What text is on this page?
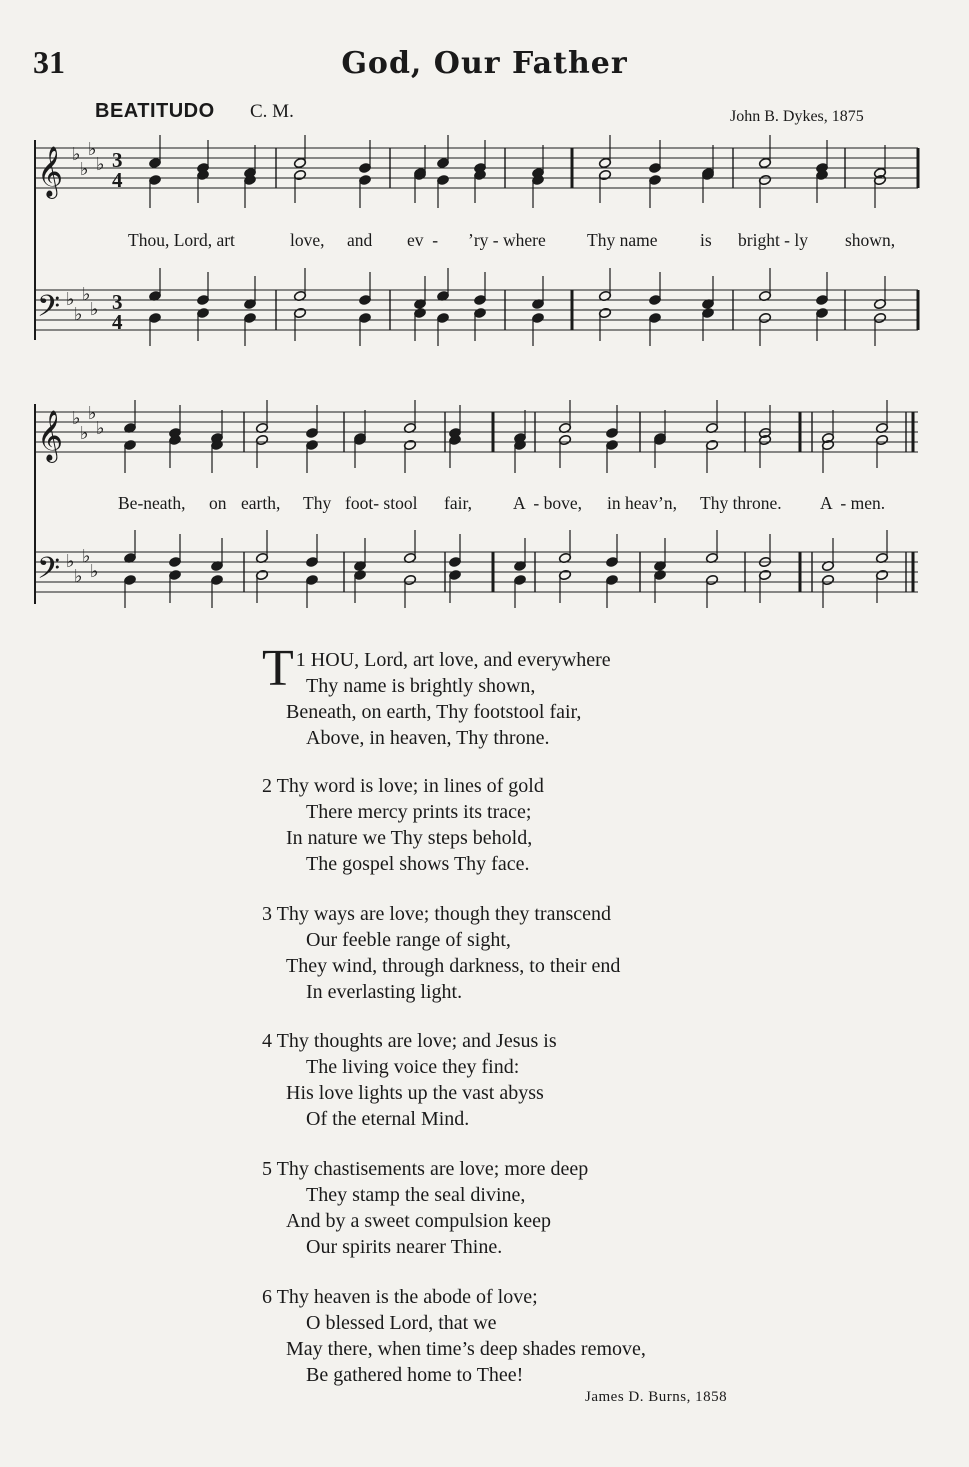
31	God, Our Father
BEATITUDO C. M.	John B. Dykes, 1875
𝄞
𝄢
𝄞
𝄢
♭
♭
♭
♭
♭
♭
♭
♭
♭
♭
♭
♭
♭
♭
♭
♭
3
4
3
4
Thou, Lord, art	love, and ev  - ’ry - where Thy name is bright - ly shown,
Be-neath, on earth, Thy foot- stool fair, A  - bove, in heav’n, Thy throne. A  - men.
1
T HOU, Lord, art love, and everywhere
Thy name is brightly shown,
Beneath, on earth, Thy footstool fair,
Above, in heaven, Thy throne.
2 Thy word is love; in lines of gold
There mercy prints its trace;
In nature we Thy steps behold,
The gospel shows Thy face.
3 Thy ways are love; though they transcend
Our feeble range of sight,
They wind, through darkness, to their end
In everlasting light.
4 Thy thoughts are love; and Jesus is
The living voice they find:
His love lights up the vast abyss
Of the eternal Mind.
5 Thy chastisements are love; more deep
They stamp the seal divine,
And by a sweet compulsion keep
Our spirits nearer Thine.
6 Thy heaven is the abode of love;
O blessed Lord, that we
May there, when time’s deep shades remove,
Be gathered home to Thee!
James D. Burns, 1858
